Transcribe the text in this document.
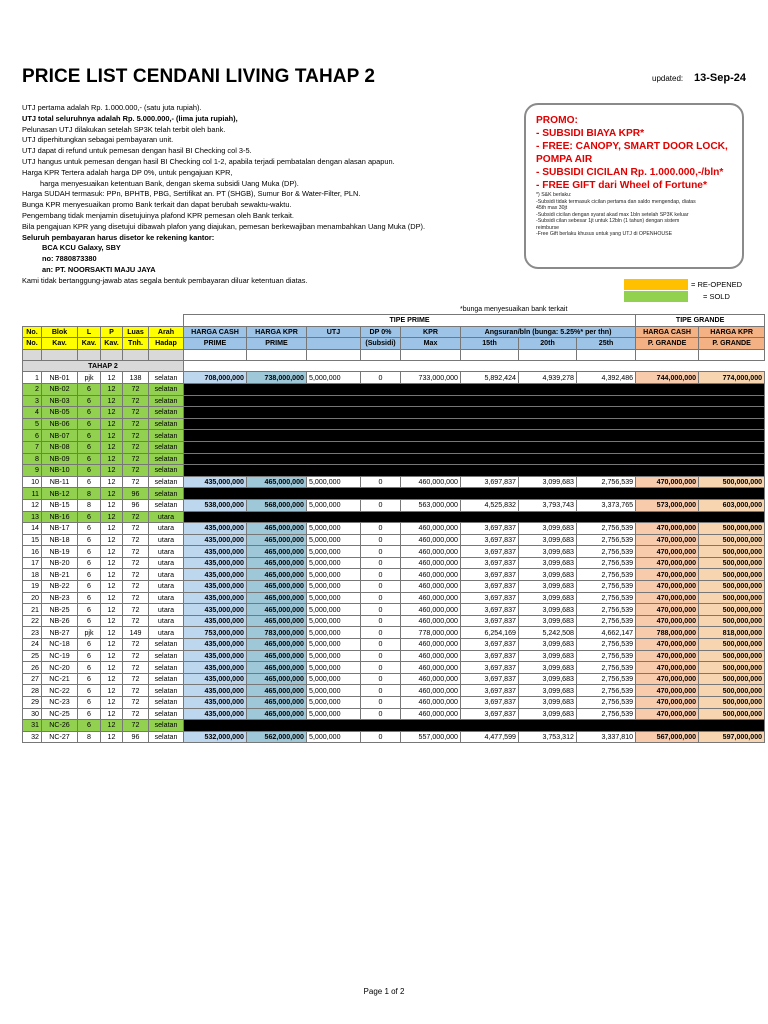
PRICE LIST CENDANI LIVING TAHAP 2	updated: 13-Sep-24
UTJ pertama adalah Rp. 1.000.000,- (satu juta rupiah).
UTJ total seluruhnya adalah Rp. 5.000.000,- (lima juta rupiah),
Pelunasan UTJ dilakukan setelah SP3K telah terbit oleh bank.
UTJ diperhitungkan sebagai pembayaran unit.
UTJ dapat di refund untuk pemesan dengan hasil BI Checking col 3-5.
UTJ hangus untuk pemesan dengan hasil BI Checking col 1-2, apabila terjadi pembatalan dengan alasan apapun.
Harga KPR Tertera adalah harga DP 0%, untuk pengajuan KPR,
harga menyesuaikan ketentuan Bank, dengan skema subsidi Uang Muka (DP).
Harga SUDAH termasuk: PPn, BPHTB, PBG, Sertifikat an. PT (SHGB), Sumur Bor & Water-Filter, PLN.
Bunga KPR menyesuaikan promo Bank terkait dan dapat berubah sewaktu-waktu.
Pengembang tidak menjamin disetujuinya plafond KPR pemesan oleh Bank terkait.
Bila pengajuan KPR yang disetujui dibawah plafon yang diajukan, pemesan berkewajiban menambahkan Uang Muka (DP).
Seluruh pembayaran harus disetor ke rekening kantor:
BCA KCU Galaxy, SBY
no: 7880873380
an: PT. NOORSAKTI MAJU JAYA
Kami tidak bertanggung-jawab atas segala bentuk pembayaran diluar ketentuan diatas.
PROMO:
- SUBSIDI BIAYA KPR*
- FREE: CANOPY, SMART DOOR LOCK,
POMPA AIR
- SUBSIDI CICILAN Rp. 1.000.000,-/bln*
- FREE GIFT dari Wheel of Fortune*
*) S&K berlaku:
-Subsidi tidak termasuk cicilan pertama dan saldo mengendap, diatas
45th max 30jt
-Subsidi cicilan dengan syarat akad max 1bln setelah SP3K keluar
-Subsidi cilan sebesar 1jt untuk 12bln (1 tahun) dengan sistem
reimburse
-Free Gift berlaku khusus untuk yang UTJ di OPENHOUSE
= RE-OPENED
= SOLD
*bunga menyesuaikan bank terkait
						TIPE PRIME								TIPE GRANDE	
No.	Blok	L	P	Luas	Arah	HARGA CASH	HARGA KPR	UTJ	DP 0%	KPR	Angsuran/bln (bunga: 5.25%* per thn)			HARGA CASH	HARGA KPR
No.	Kav.	Kav.	Kav.	Tnh.	Hadap	PRIME	PRIME		(Subsidi)	Max	15th	20th	25th	P. GRANDE	P. GRANDE

TAHAP 2															
1	NB-01	pjk	12	138	selatan	708,000,000	738,000,000	5,000,000	0	733,000,000	5,892,424	4,939,278	4,392,486	744,000,000	774,000,000
2	NB-02	6	12	72	selatan										
3	NB-03	6	12	72	selatan										
4	NB-05	6	12	72	selatan										
5	NB-06	6	12	72	selatan										
6	NB-07	6	12	72	selatan										
7	NB-08	6	12	72	selatan										
8	NB-09	6	12	72	selatan										
9	NB-10	6	12	72	selatan										
10	NB-11	6	12	72	selatan	435,000,000	465,000,000	5,000,000	0	460,000,000	3,697,837	3,099,683	2,756,539	470,000,000	500,000,000
11	NB-12	8	12	96	selatan										
12	NB-15	8	12	96	selatan	538,000,000	568,000,000	5,000,000	0	563,000,000	4,525,832	3,793,743	3,373,765	573,000,000	603,000,000
13	NB-16	6	12	72	utara										
14	NB-17	6	12	72	utara	435,000,000	465,000,000	5,000,000	0	460,000,000	3,697,837	3,099,683	2,756,539	470,000,000	500,000,000
15	NB-18	6	12	72	utara	435,000,000	465,000,000	5,000,000	0	460,000,000	3,697,837	3,099,683	2,756,539	470,000,000	500,000,000
16	NB-19	6	12	72	utara	435,000,000	465,000,000	5,000,000	0	460,000,000	3,697,837	3,099,683	2,756,539	470,000,000	500,000,000
17	NB-20	6	12	72	utara	435,000,000	465,000,000	5,000,000	0	460,000,000	3,697,837	3,099,683	2,756,539	470,000,000	500,000,000
18	NB-21	6	12	72	utara	435,000,000	465,000,000	5,000,000	0	460,000,000	3,697,837	3,099,683	2,756,539	470,000,000	500,000,000
19	NB-22	6	12	72	utara	435,000,000	465,000,000	5,000,000	0	460,000,000	3,697,837	3,099,683	2,756,539	470,000,000	500,000,000
20	NB-23	6	12	72	utara	435,000,000	465,000,000	5,000,000	0	460,000,000	3,697,837	3,099,683	2,756,539	470,000,000	500,000,000
21	NB-25	6	12	72	utara	435,000,000	465,000,000	5,000,000	0	460,000,000	3,697,837	3,099,683	2,756,539	470,000,000	500,000,000
22	NB-26	6	12	72	utara	435,000,000	465,000,000	5,000,000	0	460,000,000	3,697,837	3,099,683	2,756,539	470,000,000	500,000,000
23	NB-27	pjk	12	149	utara	753,000,000	783,000,000	5,000,000	0	778,000,000	6,254,169	5,242,508	4,662,147	788,000,000	818,000,000
24	NC-18	6	12	72	selatan	435,000,000	465,000,000	5,000,000	0	460,000,000	3,697,837	3,099,683	2,756,539	470,000,000	500,000,000
25	NC-19	6	12	72	selatan	435,000,000	465,000,000	5,000,000	0	460,000,000	3,697,837	3,099,683	2,756,539	470,000,000	500,000,000
26	NC-20	6	12	72	selatan	435,000,000	465,000,000	5,000,000	0	460,000,000	3,697,837	3,099,683	2,756,539	470,000,000	500,000,000
27	NC-21	6	12	72	selatan	435,000,000	465,000,000	5,000,000	0	460,000,000	3,697,837	3,099,683	2,756,539	470,000,000	500,000,000
28	NC-22	6	12	72	selatan	435,000,000	465,000,000	5,000,000	0	460,000,000	3,697,837	3,099,683	2,756,539	470,000,000	500,000,000
29	NC-23	6	12	72	selatan	435,000,000	465,000,000	5,000,000	0	460,000,000	3,697,837	3,099,683	2,756,539	470,000,000	500,000,000
30	NC-25	6	12	72	selatan	435,000,000	465,000,000	5,000,000	0	460,000,000	3,697,837	3,099,683	2,756,539	470,000,000	500,000,000
31	NC-26	6	12	72	selatan										
32	NC-27	8	12	96	selatan	532,000,000	562,000,000	5,000,000	0	557,000,000	4,477,599	3,753,312	3,337,810	567,000,000	597,000,000
Page 1 of 2
